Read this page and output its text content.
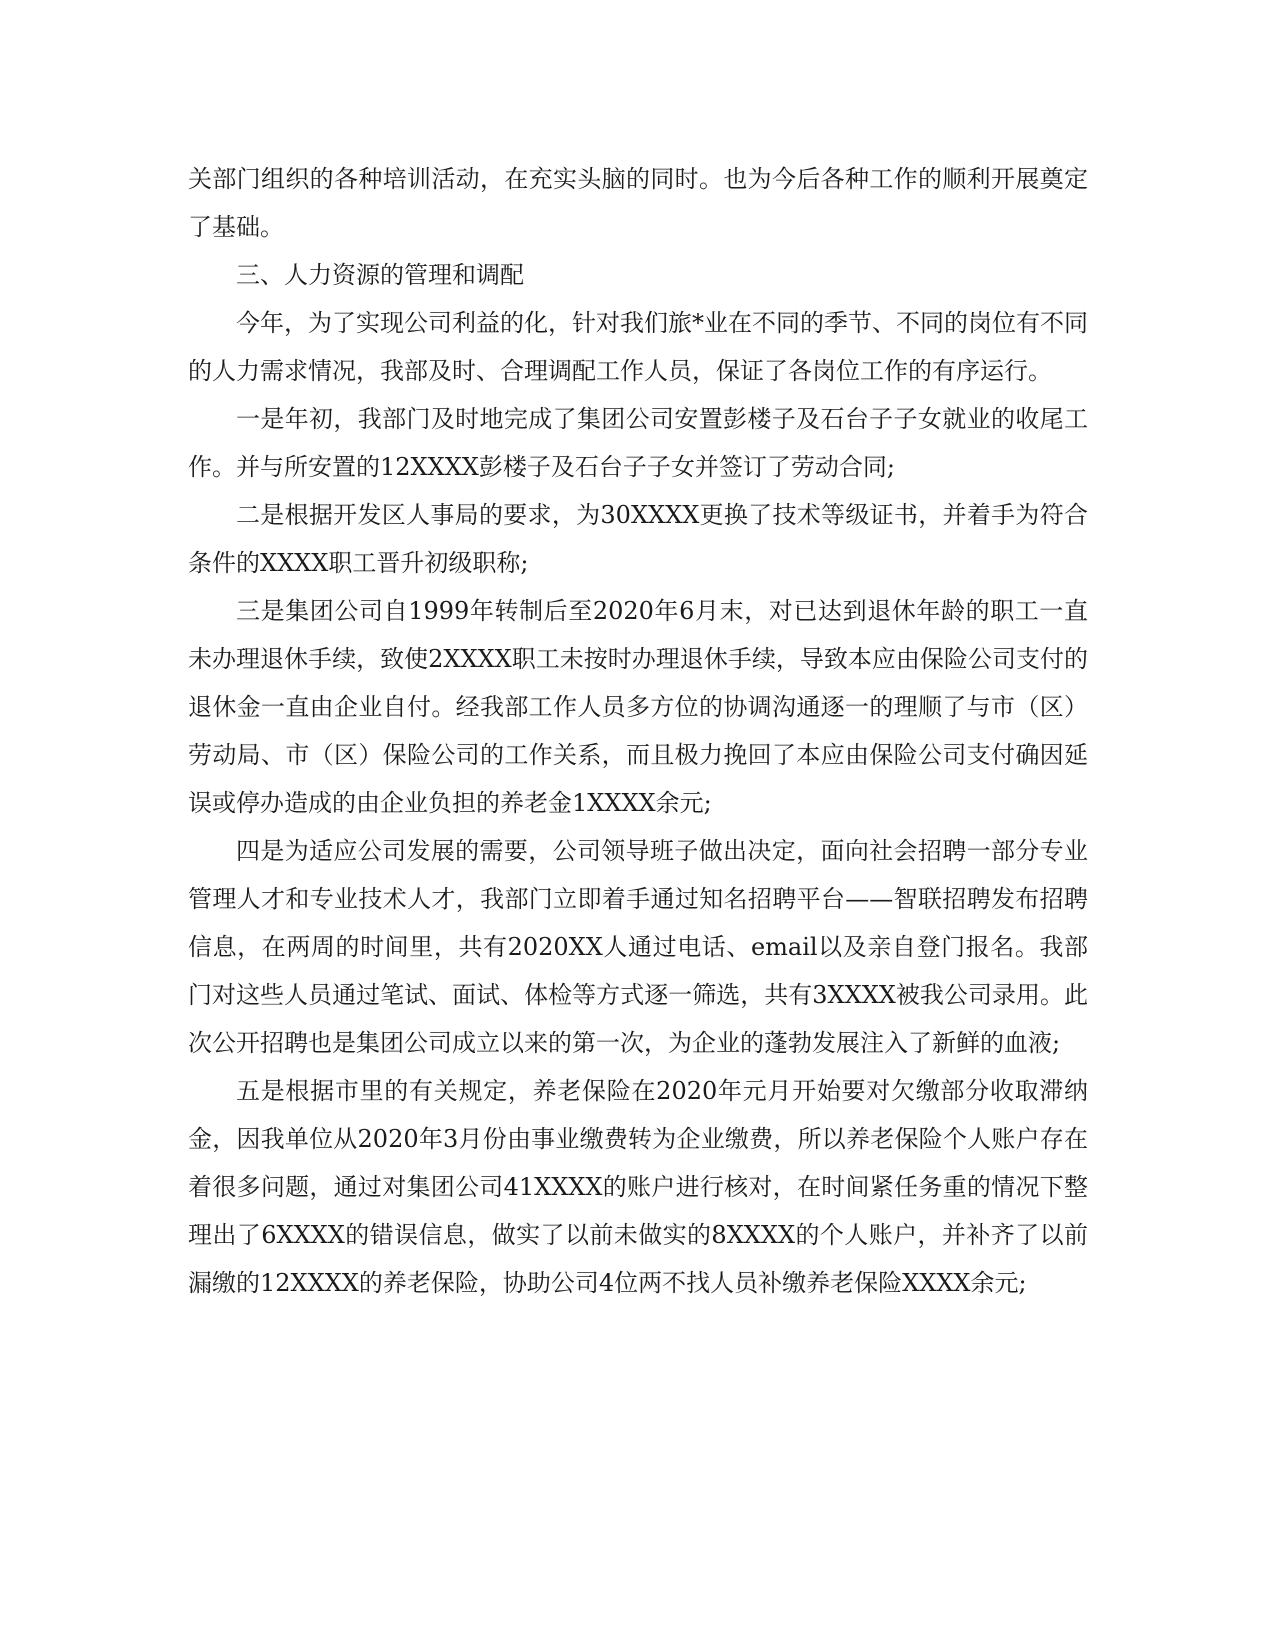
关部门组织的各种培训活动，在充实头脑的同时。也为今后各种工作的顺利开展奠定了基础。

三、人力资源的管理和调配

今年，为了实现公司利益的化，针对我们旅*业在不同的季节、不同的岗位有不同的人力需求情况，我部及时、合理调配工作人员，保证了各岗位工作的有序运行。

一是年初，我部门及时地完成了集团公司安置彭楼子及石台子子女就业的收尾工作。并与所安置的12XXXX彭楼子及石台子子女并签订了劳动合同;

二是根据开发区人事局的要求，为30XXXX更换了技术等级证书，并着手为符合条件的XXXX职工晋升初级职称;

三是集团公司自1999年转制后至2020年6月末，对已达到退休年龄的职工一直未办理退休手续，致使2XXXX职工未按时办理退休手续，导致本应由保险公司支付的退休金一直由企业自付。经我部工作人员多方位的协调沟通逐一的理顺了与市（区）劳动局、市（区）保险公司的工作关系，而且极力挽回了本应由保险公司支付确因延误或停办造成的由企业负担的养老金1XXXX余元;

四是为适应公司发展的需要，公司领导班子做出决定，面向社会招聘一部分专业管理人才和专业技术人才，我部门立即着手通过知名招聘平台——智联招聘发布招聘信息，在两周的时间里，共有2020XX人通过电话、email以及亲自登门报名。我部门对这些人员通过笔试、面试、体检等方式逐一筛选，共有3XXXX被我公司录用。此次公开招聘也是集团公司成立以来的第一次，为企业的蓬勃发展注入了新鲜的血液;

五是根据市里的有关规定，养老保险在2020年元月开始要对欠缴部分收取滞纳金，因我单位从2020年3月份由事业缴费转为企业缴费，所以养老保险个人账户存在着很多问题，通过对集团公司41XXXX的账户进行核对，在时间紧任务重的情况下整理出了6XXXX的错误信息，做实了以前未做实的8XXXX的个人账户，并补齐了以前漏缴的12XXXX的养老保险，协助公司4位两不找人员补缴养老保险XXXX余元;
